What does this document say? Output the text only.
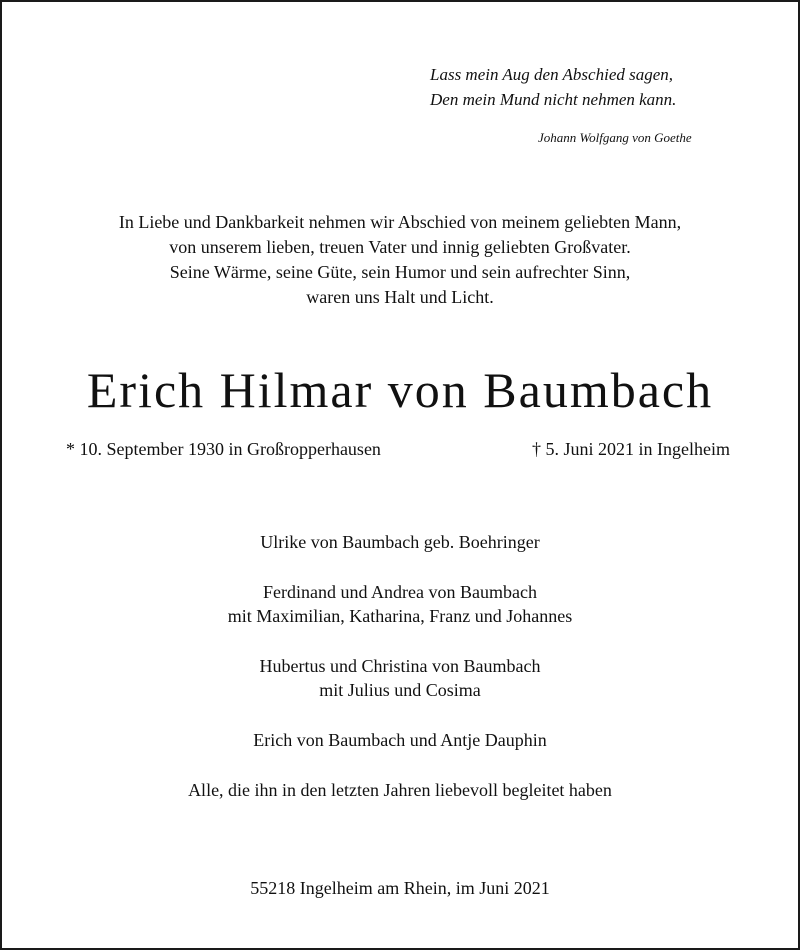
Lass mein Aug den Abschied sagen,
Den mein Mund nicht nehmen kann.
Johann Wolfgang von Goethe
In Liebe und Dankbarkeit nehmen wir Abschied von meinem geliebten Mann,
von unserem lieben, treuen Vater und innig geliebten Großvater.
Seine Wärme, seine Güte, sein Humor und sein aufrechter Sinn,
waren uns Halt und Licht.
Erich Hilmar von Baumbach
* 10. September 1930 in Großropperhausen	† 5. Juni 2021 in Ingelheim
Ulrike von Baumbach geb. Boehringer
Ferdinand und Andrea von Baumbach
mit Maximilian, Katharina, Franz und Johannes
Hubertus und Christina von Baumbach
mit Julius und Cosima
Erich von Baumbach und Antje Dauphin
Alle, die ihn in den letzten Jahren liebevoll begleitet haben
55218 Ingelheim am Rhein, im Juni 2021
